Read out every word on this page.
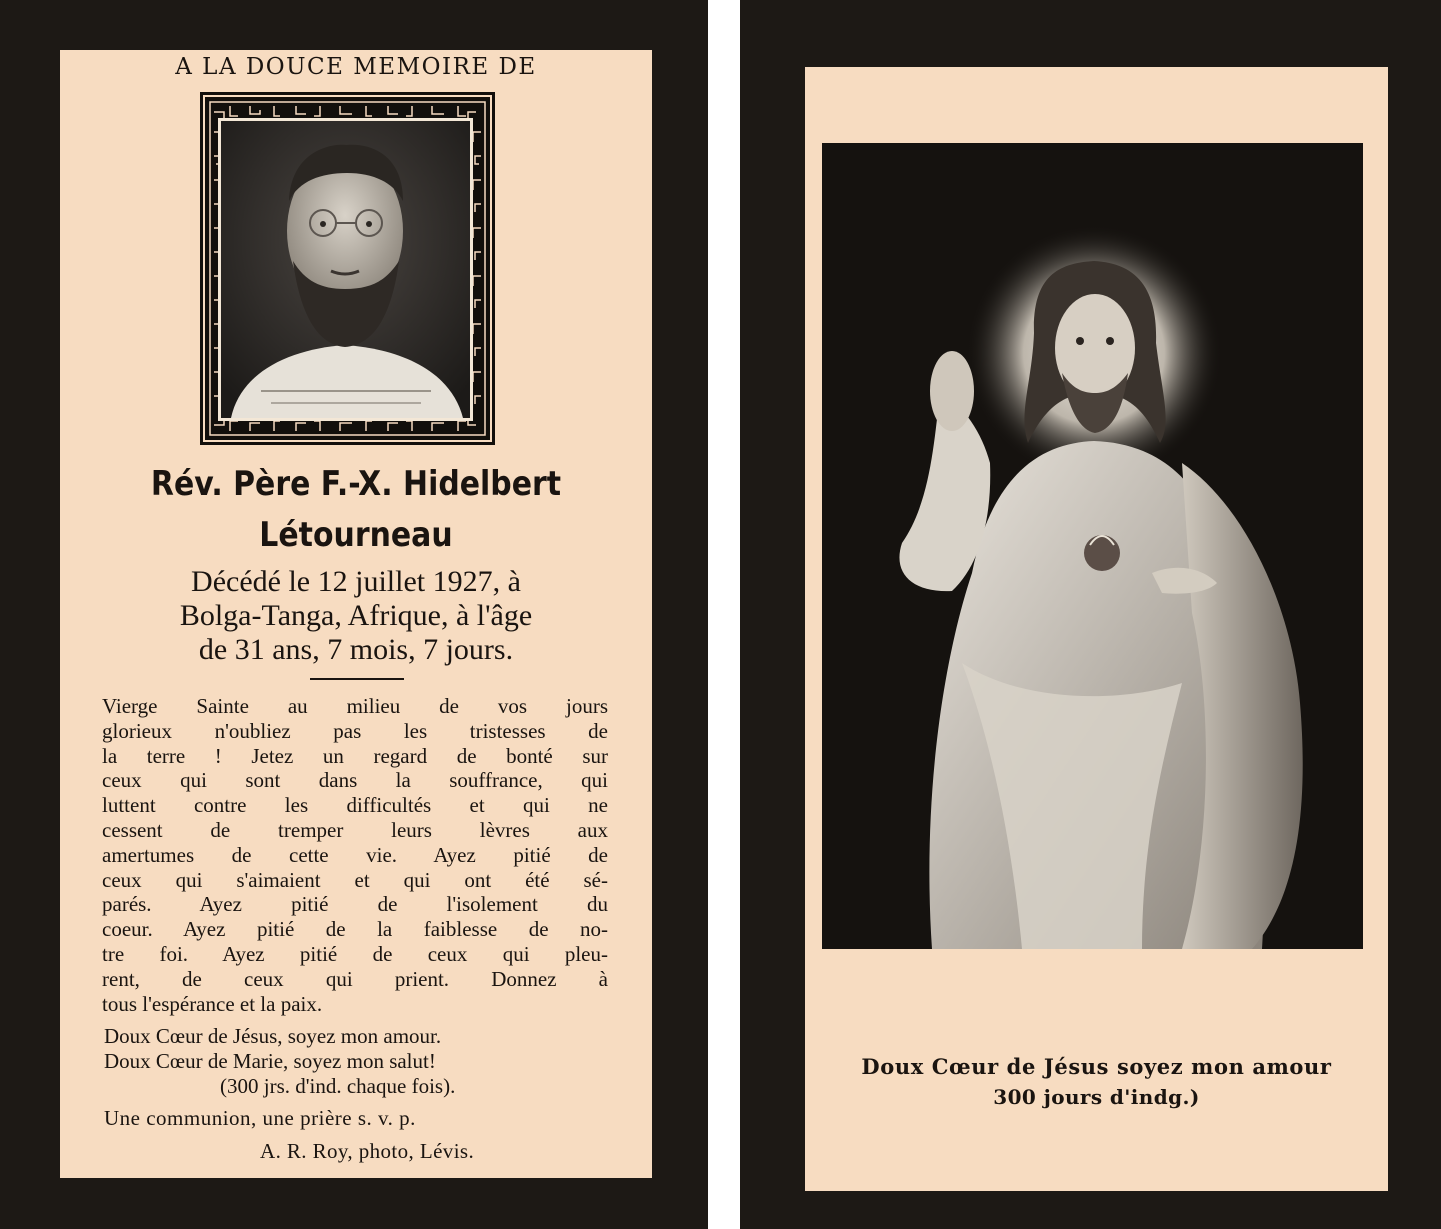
A LA DOUCE MEMOIRE DE
Rév. Père F.-X. Hidelbert
Létourneau
Décédé le 12 juillet 1927, à
Bolga-Tanga, Afrique, à l'âge
de 31 ans, 7 mois, 7 jours.
Vierge Sainte au milieu de vos jours
glorieux n'oubliez pas les tristesses de
la terre ! Jetez un regard de bonté sur
ceux qui sont dans la souffrance, qui
luttent contre les difficultés et qui ne
cessent de tremper leurs lèvres aux
amertumes de cette vie. Ayez pitié de
ceux qui s'aimaient et qui ont été sé-
parés. Ayez pitié de l'isolement du
coeur. Ayez pitié de la faiblesse de no-
tre foi. Ayez pitié de ceux qui pleu-
rent, de ceux qui prient. Donnez à
tous l'espérance et la paix.
Doux Cœur de Jésus, soyez mon amour.
Doux Cœur de Marie, soyez mon salut!
(300 jrs. d'ind. chaque fois).
Une communion, une prière s. v. p.
A. R. Roy, photo, Lévis.
Doux Cœur de Jésus soyez mon amour
300 jours d'indg.)
